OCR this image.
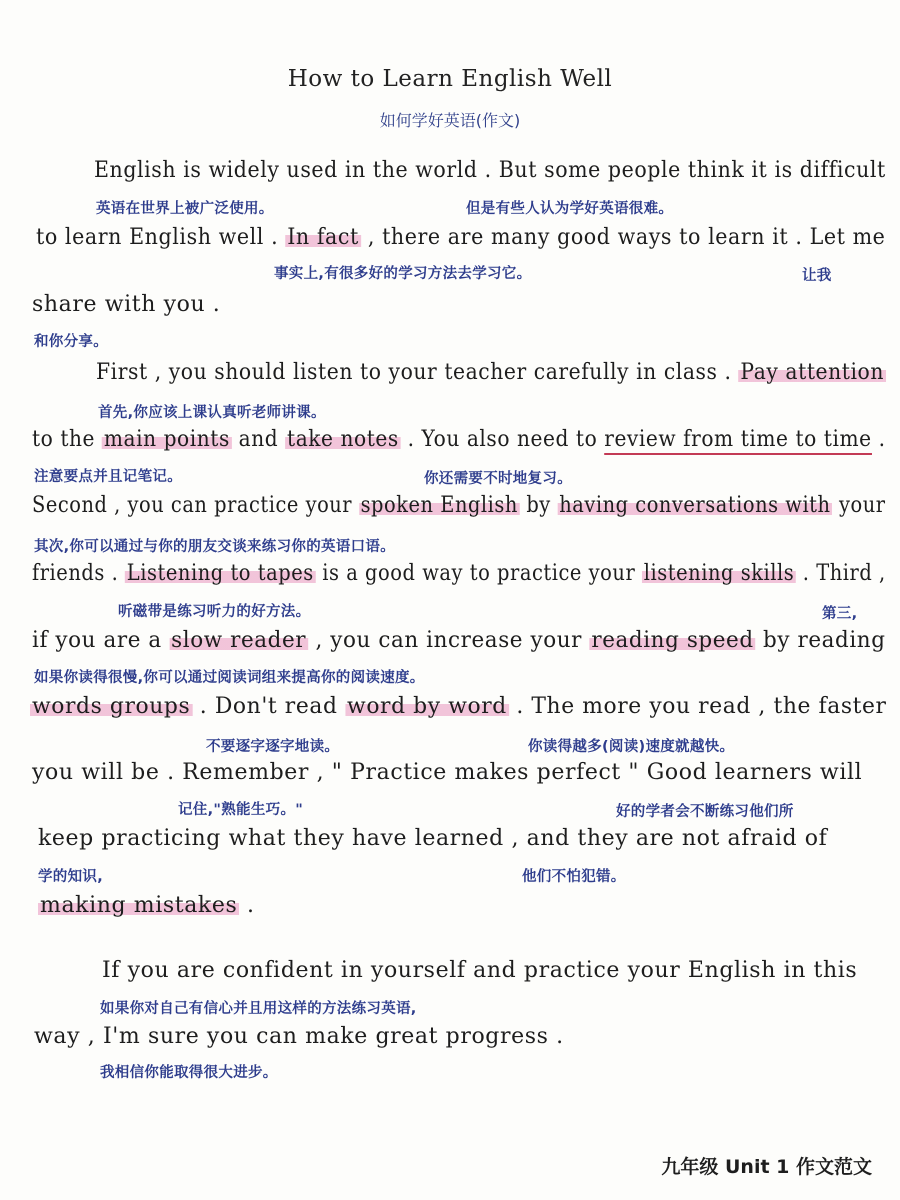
How to Learn English Well
如何学好英语(作文)
English is widely used in the world . But some people think it is difficult
英语在世界上被广泛使用。	但是有些人认为学好英语很难。
to learn English well . In fact , there are many good ways to learn it . Let me
事实上,有很多好的学习方法去学习它。	让我
share with you .
和你分享。
First , you should listen to your teacher carefully in class . Pay attention
首先,你应该上课认真听老师讲课。
to the main points and take notes . You also need to review from time to time .
注意要点并且记笔记。	你还需要不时地复习。
Second , you can practice your spoken English by having conversations with your
其次,你可以通过与你的朋友交谈来练习你的英语口语。
friends . Listening to tapes is a good way to practice your listening skills . Third ,
听磁带是练习听力的好方法。	第三,
if you are a slow reader , you can increase your reading speed by reading
如果你读得很慢,你可以通过阅读词组来提高你的阅读速度。
words groups . Don't read word by word . The more you read , the faster
不要逐字逐字地读。	你读得越多(阅读)速度就越快。
you will be . Remember , " Practice makes perfect " Good learners will
记住,"熟能生巧。"	好的学者会不断练习他们所
keep practicing what they have learned , and they are not afraid of
学的知识,	他们不怕犯错。
making mistakes .
If you are confident in yourself and practice your English in this
如果你对自己有信心并且用这样的方法练习英语,
way , I'm sure you can make great progress .
我相信你能取得很大进步。
九年级 Unit 1 作文范文
